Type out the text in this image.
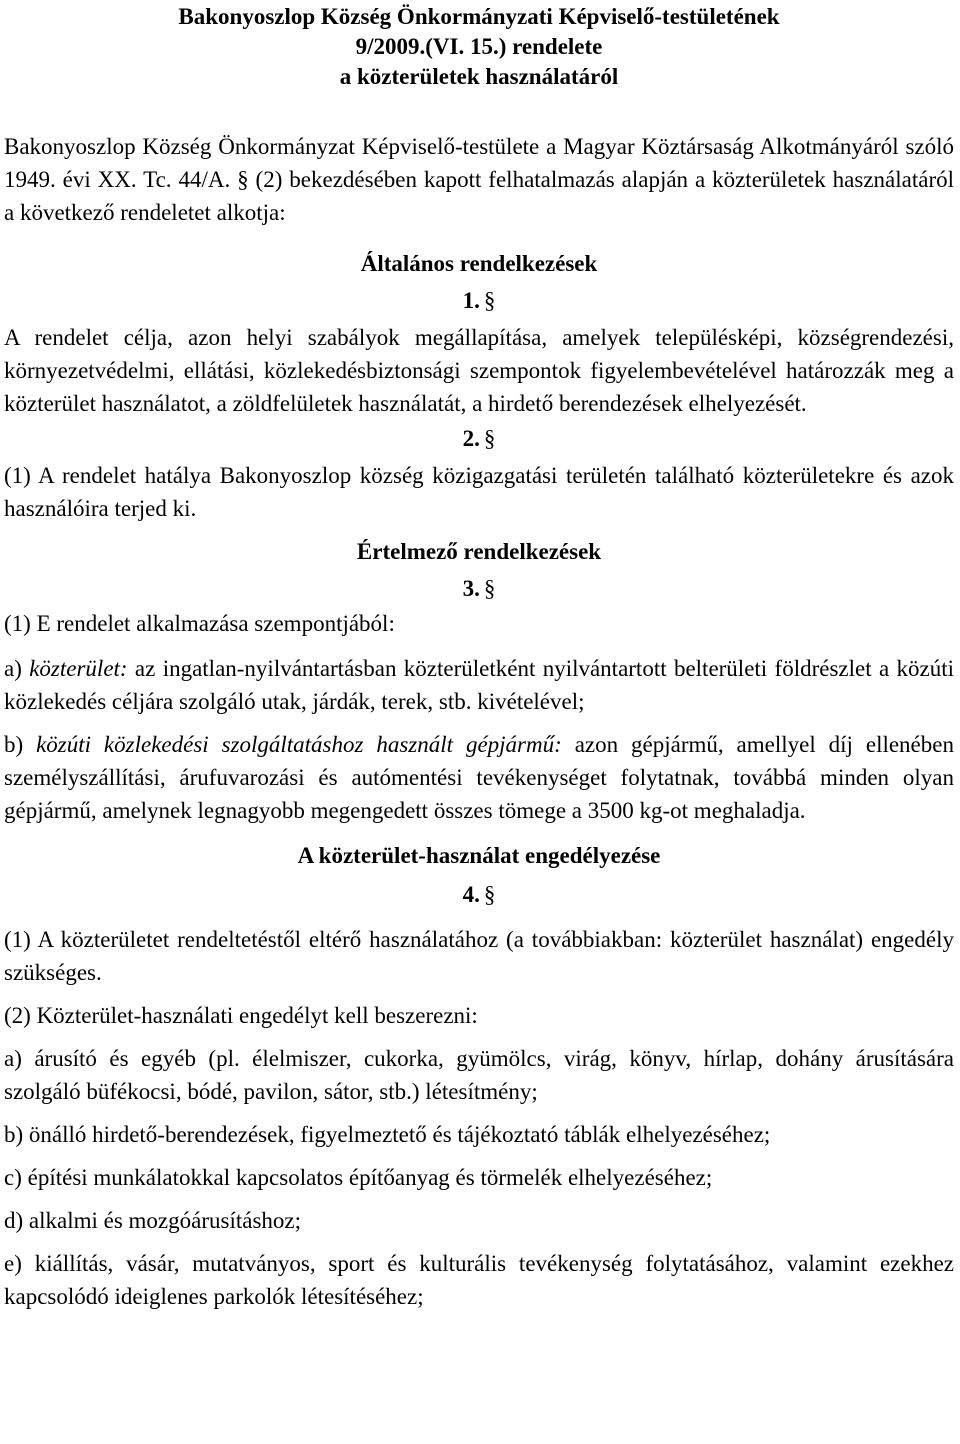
Bakonyoszlop Község Önkormányzati Képviselő-testületének
9/2009.(VI. 15.) rendelete
a közterületek használatáról

Bakonyoszlop Község Önkormányzat Képviselő-testülete a Magyar Köztársaság Alkotmányáról szóló 1949. évi XX. Tc. 44/A. § (2) bekezdésében kapott felhatalmazás alapján a közterületek használatáról a következő rendeletet alkotja:

Általános rendelkezések
1. §

A rendelet célja, azon helyi szabályok megállapítása, amelyek településképi, községrendezési, környezetvédelmi, ellátási, közlekedésbiztonsági szempontok figyelembevételével határozzák meg a közterület használatot, a zöldfelületek használatát, a hirdető berendezések elhelyezését.

2. §

(1) A rendelet hatálya Bakonyoszlop község közigazgatási területén található közterületekre és azok használóira terjed ki.

Értelmező rendelkezések
3. §

(1) E rendelet alkalmazása szempontjából:

a) közterület: az ingatlan-nyilvántartásban közterületként nyilvántartott belterületi földrészlet a közúti közlekedés céljára szolgáló utak, járdák, terek, stb. kivételével;

b) közúti közlekedési szolgáltatáshoz használt gépjármű: azon gépjármű, amellyel díj ellenében személyszállítási, árufuvarozási és autómentési tevékenységet folytatnak, továbbá minden olyan gépjármű, amelynek legnagyobb megengedett összes tömege a 3500 kg-ot meghaladja.

A közterület-használat engedélyezése
4. §

(1) A közterületet rendeltetéstől eltérő használatához (a továbbiakban: közterület használat) engedély szükséges.

(2) Közterület-használati engedélyt kell beszerezni:

a) árusító és egyéb (pl. élelmiszer, cukorka, gyümölcs, virág, könyv, hírlap, dohány árusítására szolgáló büfékocsi, bódé, pavilon, sátor, stb.) létesítmény;

b) önálló hirdető-berendezések, figyelmeztető és tájékoztató táblák elhelyezéséhez;

c) építési munkálatokkal kapcsolatos építőanyag és törmelék elhelyezéséhez;

d) alkalmi és mozgóárusításhoz;

e) kiállítás, vásár, mutatványos, sport és kulturális tevékenység folytatásához, valamint ezekhez kapcsolódó ideiglenes parkolók létesítéséhez;
